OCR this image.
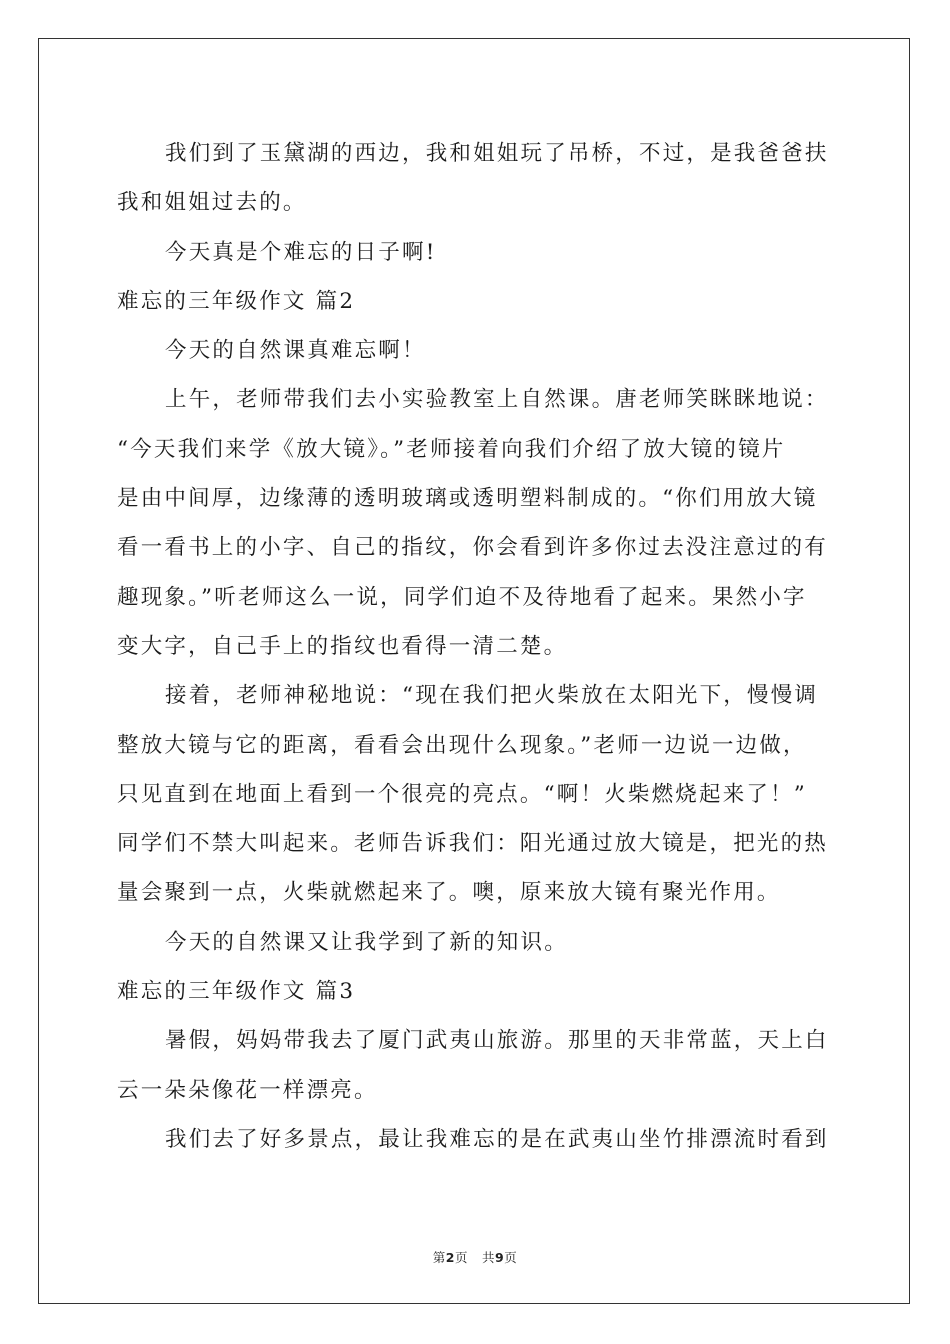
我们到了玉黛湖的西边，我和姐姐玩了吊桥，不过，是我爸爸扶
我和姐姐过去的。
今天真是个难忘的日子啊!
难忘的三年级作文 篇2
今天的自然课真难忘啊！
上午，老师带我们去小实验教室上自然课。唐老师笑眯眯地说：
“今天我们来学《放大镜》。”老师接着向我们介绍了放大镜的镜片
是由中间厚，边缘薄的透明玻璃或透明塑料制成的。“你们用放大镜
看一看书上的小字、自己的指纹，你会看到许多你过去没注意过的有
趣现象。”听老师这么一说，同学们迫不及待地看了起来。果然小字
变大字，自己手上的指纹也看得一清二楚。
接着，老师神秘地说：“现在我们把火柴放在太阳光下，慢慢调
整放大镜与它的距离，看看会出现什么现象。”老师一边说一边做，
只见直到在地面上看到一个很亮的亮点。“啊！火柴燃烧起来了！”
同学们不禁大叫起来。老师告诉我们：阳光通过放大镜是，把光的热
量会聚到一点，火柴就燃起来了。噢，原来放大镜有聚光作用。
今天的自然课又让我学到了新的知识。
难忘的三年级作文 篇3
暑假，妈妈带我去了厦门武夷山旅游。那里的天非常蓝，天上白
云一朵朵像花一样漂亮。
我们去了好多景点，最让我难忘的是在武夷山坐竹排漂流时看到
第2页 共9页
